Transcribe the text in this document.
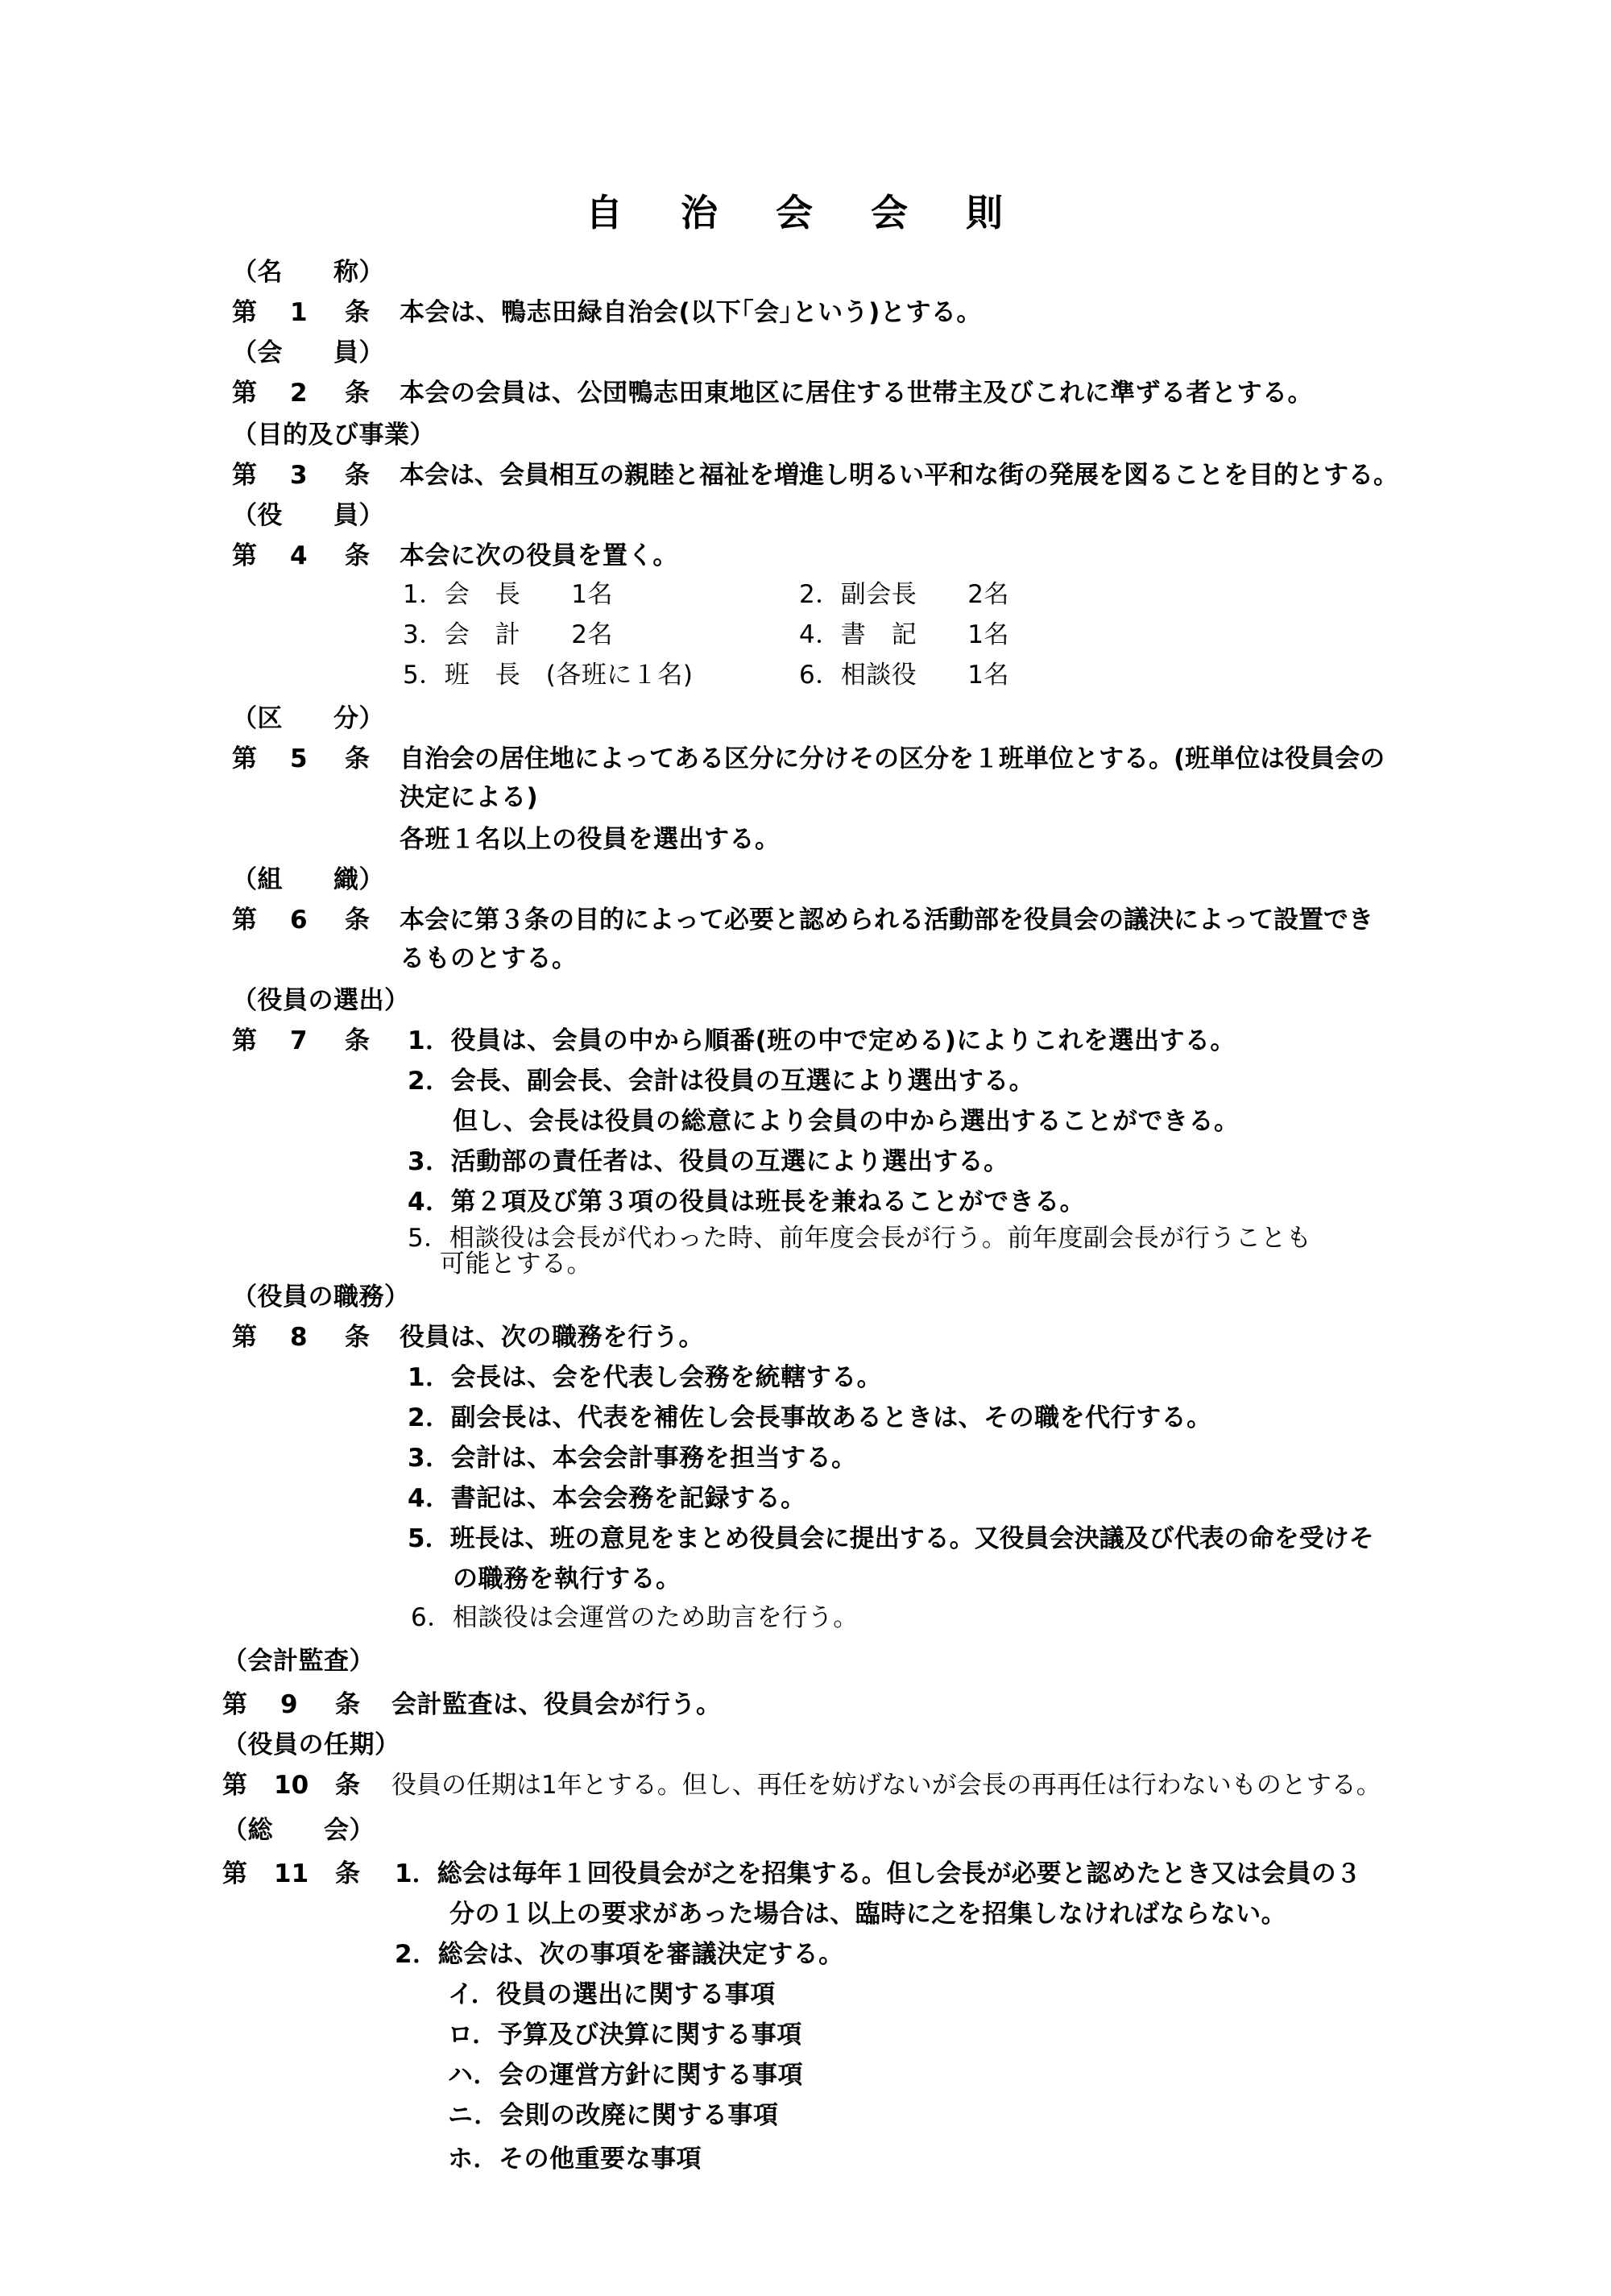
自 治 会 会 則
（名　　称）
第 1 条 本会は、鴨志田緑自治会(以下｢会｣という)とする。
（会　　員）
第 2 条 本会の会員は、公団鴨志田東地区に居住する世帯主及びこれに準ずる者とする。
（目的及び事業）
第 3 条 本会は、会員相互の親睦と福祉を増進し明るい平和な街の発展を図ることを目的とする。
（役　　員）
第 4 条 本会に次の役員を置く。
1．会　長　　1名	2．副会長　　2名
3．会　計　　2名	4．書　記　　1名
5．班　長　(各班に１名)	6．相談役　　1名
（区　　分）
第 5 条 自治会の居住地によってある区分に分けその区分を１班単位とする。(班単位は役員会の
決定による)
各班１名以上の役員を選出する。
（組　　織）
第 6 条 本会に第３条の目的によって必要と認められる活動部を役員会の議決によって設置でき
るものとする。
（役員の選出）
第 7 条 1．役員は、会員の中から順番(班の中で定める)によりこれを選出する。
2．会長、副会長、会計は役員の互選により選出する。
但し、会長は役員の総意により会員の中から選出することができる。
3．活動部の責任者は、役員の互選により選出する。
4．第２項及び第３項の役員は班長を兼ねることができる。
5．相談役は会長が代わった時、前年度会長が行う。前年度副会長が行うことも
可能とする。
（役員の職務）
第 8 条 役員は、次の職務を行う。
1．会長は、会を代表し会務を統轄する。
2．副会長は、代表を補佐し会長事故あるときは、その職を代行する。
3．会計は、本会会計事務を担当する。
4．書記は、本会会務を記録する。
5．班長は、班の意見をまとめ役員会に提出する。又役員会決議及び代表の命を受けそ
の職務を執行する。
6．相談役は会運営のため助言を行う。
（会計監査）
第 9 条 会計監査は、役員会が行う。
（役員の任期）
第 10 条 役員の任期は1年とする。但し、再任を妨げないが会長の再再任は行わないものとする。
（総　　会）
第 11 条 1．総会は毎年１回役員会が之を招集する。但し会長が必要と認めたとき又は会員の３
分の１以上の要求があった場合は、臨時に之を招集しなければならない。
2．総会は、次の事項を審議決定する。
イ．役員の選出に関する事項
ロ．予算及び決算に関する事項
ハ．会の運営方針に関する事項
ニ．会則の改廃に関する事項
ホ．その他重要な事項
